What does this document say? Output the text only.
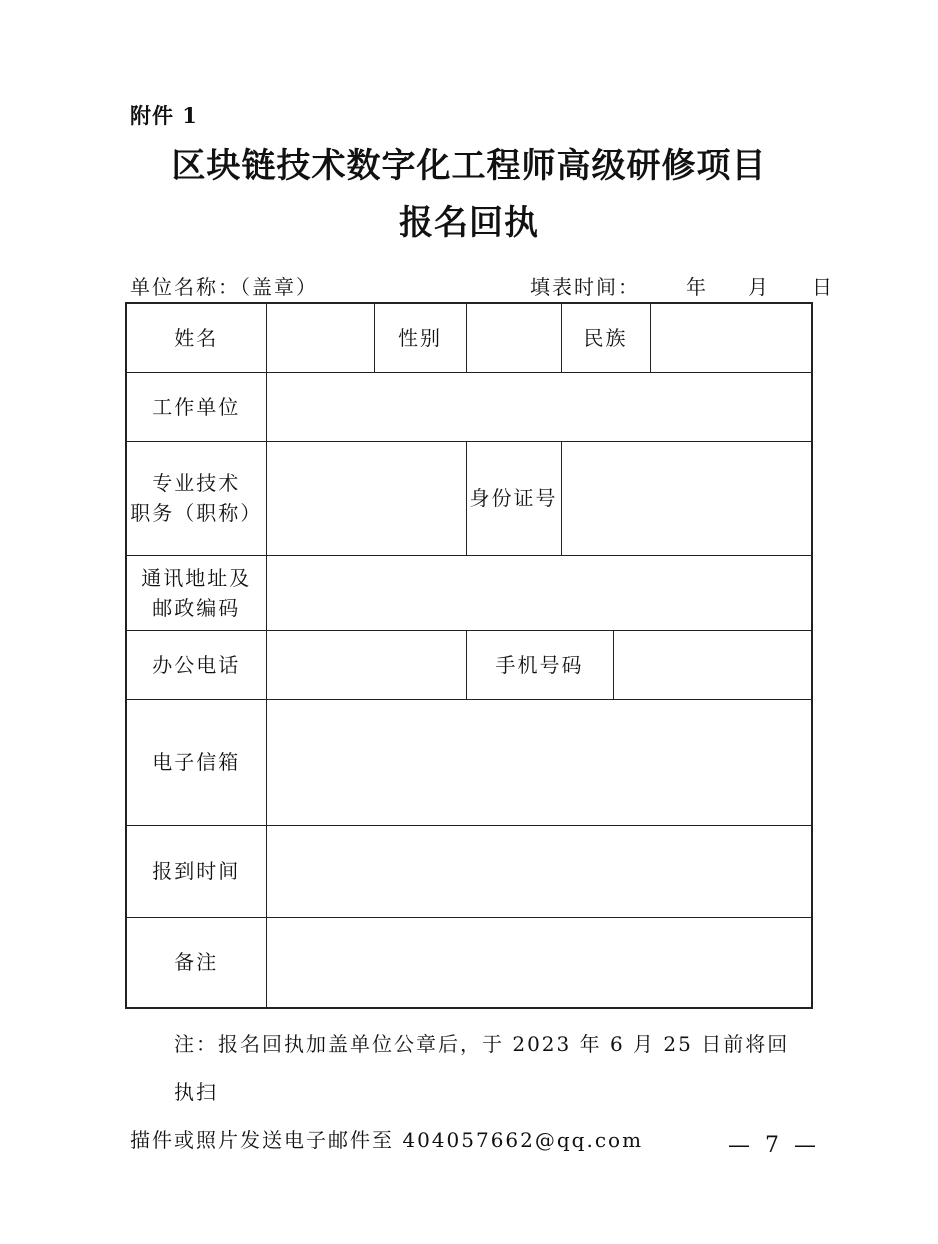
附件 1
区块链技术数字化工程师高级研修项目
报名回执
单位名称：（盖章）	填表时间： 年 月 日
姓名		性别		民族		
工作单位						

专业技术
职务（职称）			身份证号			

通讯地址及
邮政编码						

办公电话			手机号码			
电子信箱						
报到时间						
备注						
注：报名回执加盖单位公章后，于 2023 年 6 月 25 日前将回执扫
描件或照片发送电子邮件至 404057662@qq.com	— 7 —
